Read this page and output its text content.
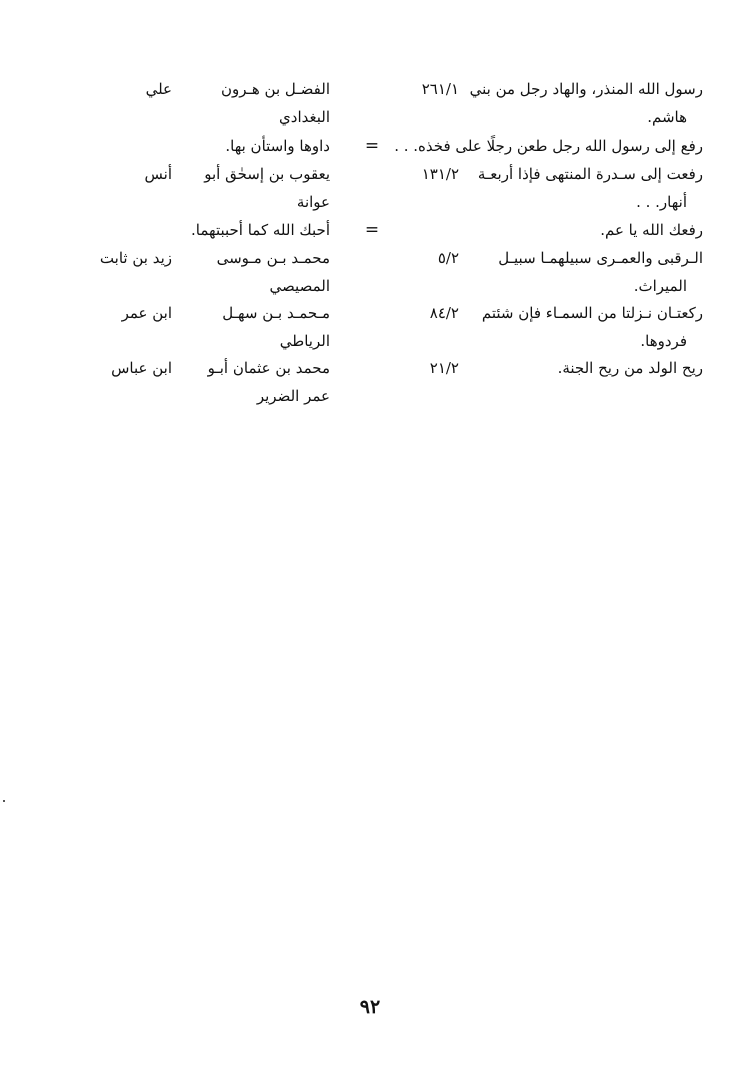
رسول الله المنذر، والهاد رجل من بني
هاشم.
٢٦١/١
الفضـل بن هـرون
البغدادي
علي
رفع إلى رسول الله رجل طعن رجلًا على فخذه. . .
=
داوها واستأن بها.
رفعت إلى سـدرة المنتهى فإذا أربعـة
أنهار. . .
١٣١/٢
يعقوب بن إسحٰق أبو
عوانة
أنس
رفعك الله يا عم.
=
أحبك الله كما أحببتهما.
الـرقبى والعمـرى سبيلهمـا سبيـل
الميراث.
٥/٢
محمـد بـن مـوسى
المصيصي
زيد بن ثابت
ركعتـان نـزلتا من السمـاء فإن شئتم
فردوها.
٨٤/٢
مـحمـد بـن سهـل
الرياطي
ابن عمر
ريح الولد من ريح الجنة.
٢١/٢
محمد بن عثمان أبـو
عمر الضرير
ابن عباس
٩٢
